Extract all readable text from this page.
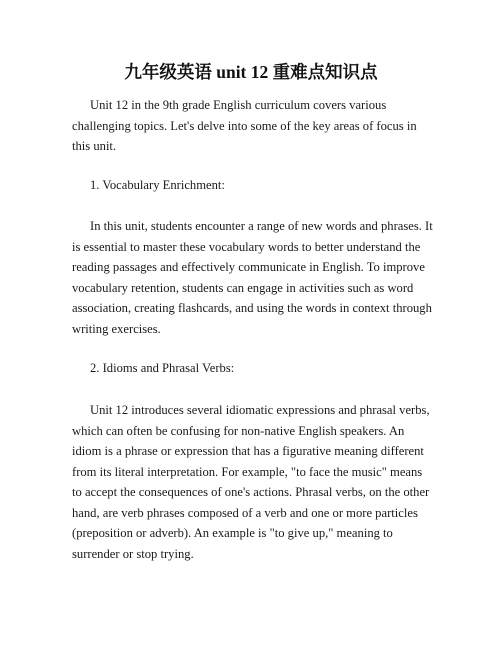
九年级英语 unit 12 重难点知识点

Unit 12 in the 9th grade English curriculum covers various challenging topics. Let's delve into some of the key areas of focus in this unit.

1. Vocabulary Enrichment:

In this unit, students encounter a range of new words and phrases. It is essential to master these vocabulary words to better understand the reading passages and effectively communicate in English. To improve vocabulary retention, students can engage in activities such as word association, creating flashcards, and using the words in context through writing exercises.

2. Idioms and Phrasal Verbs:

Unit 12 introduces several idiomatic expressions and phrasal verbs, which can often be confusing for non-native English speakers. An idiom is a phrase or expression that has a figurative meaning different from its literal interpretation. For example, "to face the music" means to accept the consequences of one's actions. Phrasal verbs, on the other hand, are verb phrases composed of a verb and one or more particles (preposition or adverb). An example is "to give up," meaning to surrender or stop trying.
